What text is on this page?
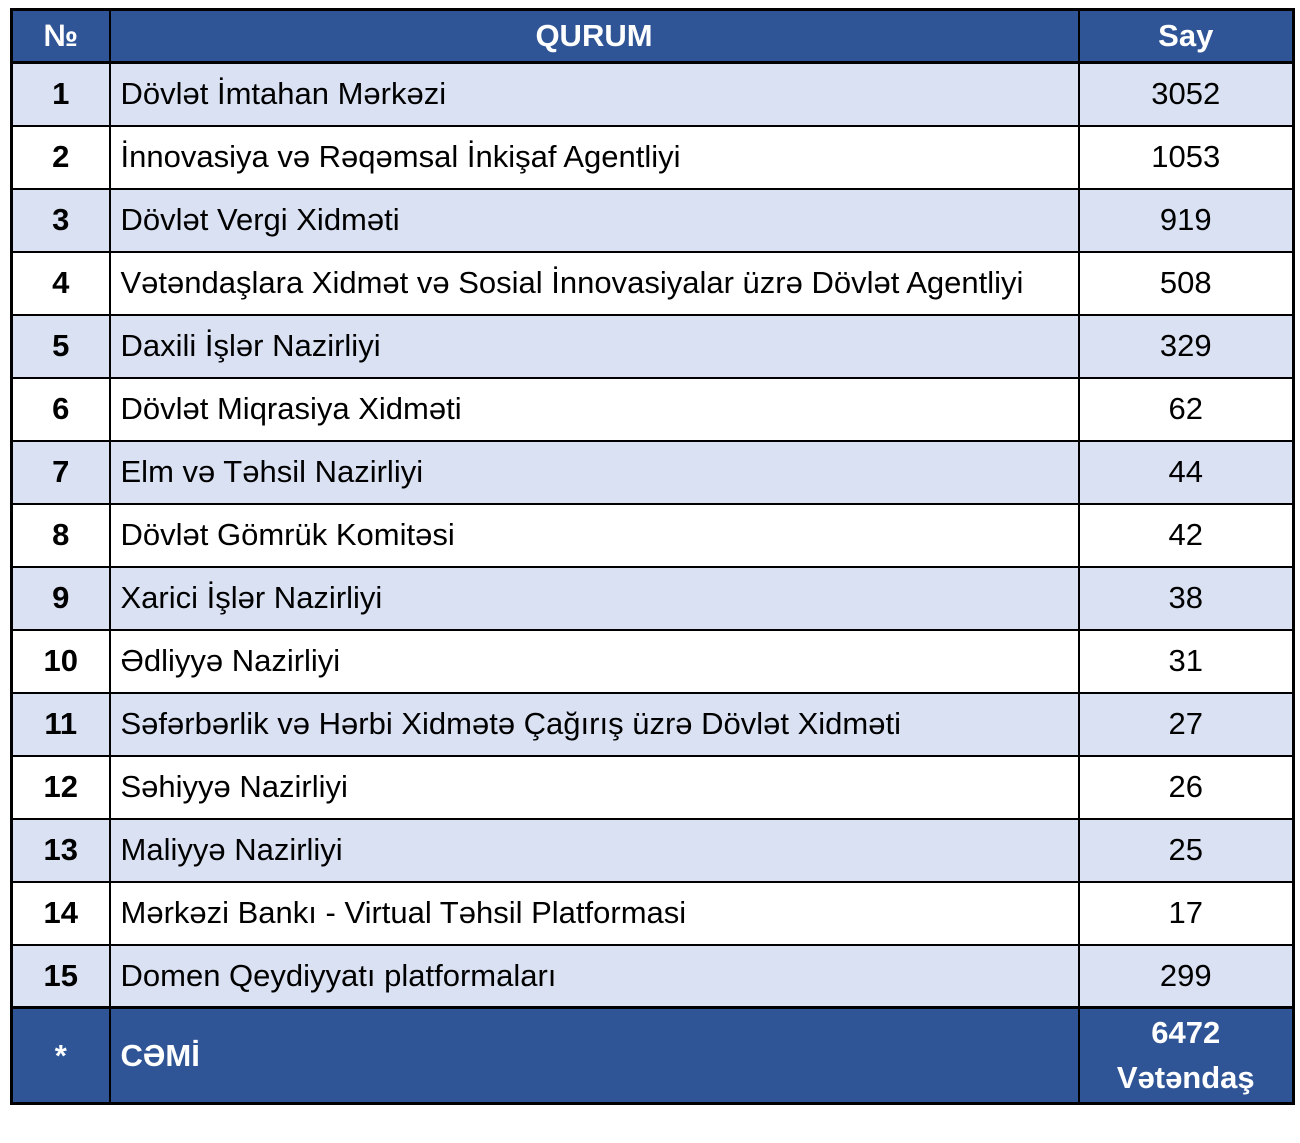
№	QURUM	Say
1	Dövlət İmtahan Mərkəzi	3052
2	İnnovasiya və Rəqəmsal İnkişaf Agentliyi	1053
3	Dövlət Vergi Xidməti	919
4	Vətəndaşlara Xidmət və Sosial İnnovasiyalar üzrə Dövlət Agentliyi	508
5	Daxili İşlər Nazirliyi	329
6	Dövlət Miqrasiya Xidməti	62
7	Elm və Təhsil Nazirliyi	44
8	Dövlət Gömrük Komitəsi	42
9	Xarici İşlər Nazirliyi	38
10	Ədliyyə Nazirliyi	31
11	Səfərbərlik və Hərbi Xidmətə Çağırış üzrə Dövlət Xidməti	27
12	Səhiyyə Nazirliyi	26
13	Maliyyə Nazirliyi	25
14	Mərkəzi Bankı - Virtual Təhsil Platformasi	17
15	Domen Qeydiyyatı platformaları	299
*	CƏMİ	6472
Vətəndaş
